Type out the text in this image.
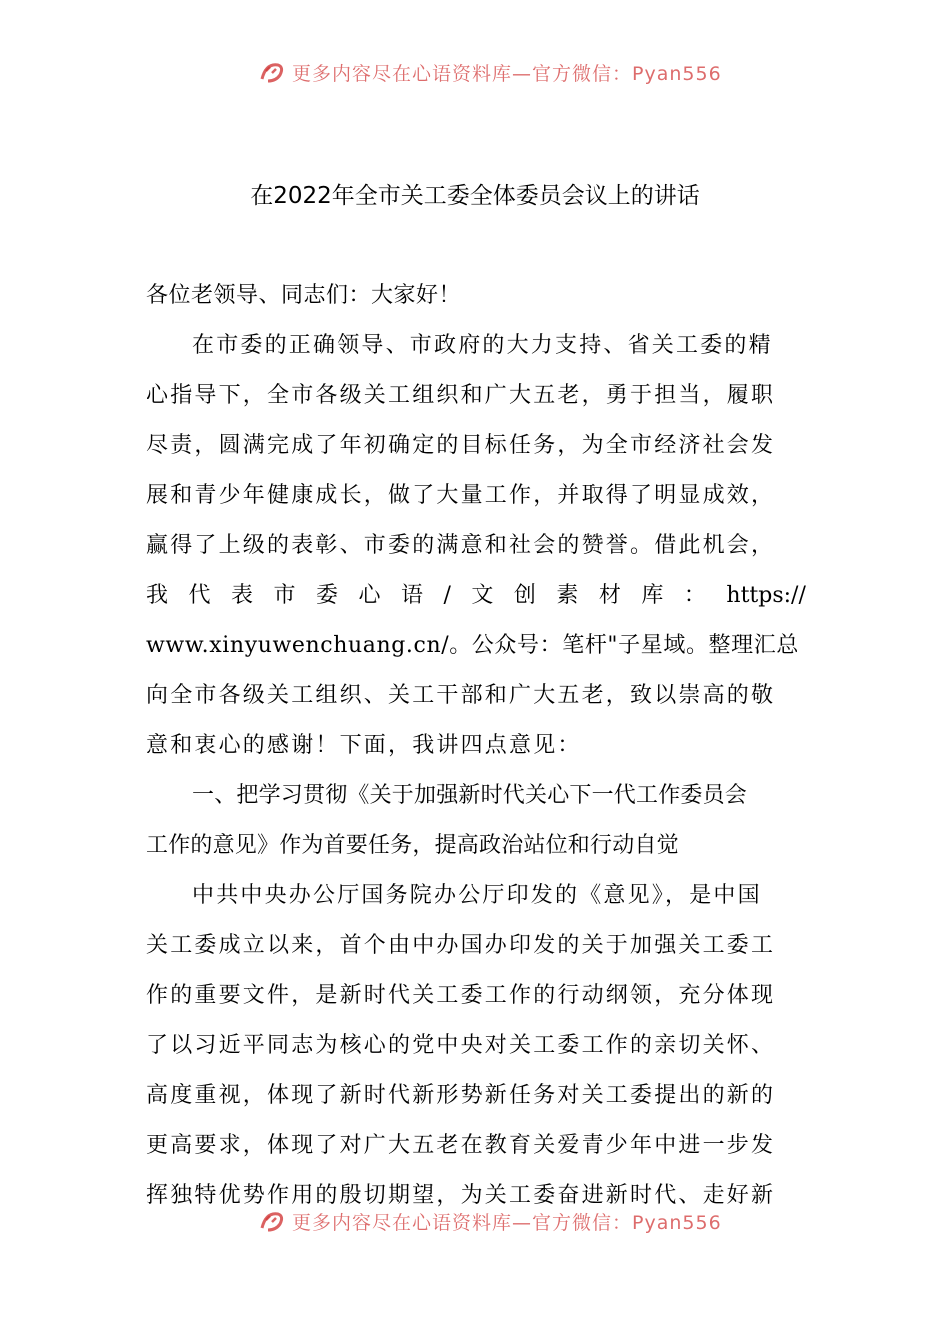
更多内容尽在心语资料库—官方微信：Pyan556
在2022年全市关工委全体委员会议上的讲话
各位老领导、同志们：大家好！
在市委的正确领导、市政府的大力支持、省关工委的精
心指导下，全市各级关工组织和广大五老，勇于担当，履职
尽责，圆满完成了年初确定的目标任务，为全市经济社会发
展和青少年健康成长，做了大量工作，并取得了明显成效，
赢得了上级的表彰、市委的满意和社会的赞誉。借此机会，
我 代 表 市 委 心 语 / 文 创 素 材 库 ： https://
www.xinyuwenchuang.cn/。公众号：笔杆"子星域。整理汇总
向全市各级关工组织、关工干部和广大五老，致以崇高的敬
意和衷心的感谢！下面，我讲四点意见：
一、把学习贯彻《关于加强新时代关心下一代工作委员会
工作的意见》作为首要任务，提高政治站位和行动自觉
中共中央办公厅国务院办公厅印发的《意见》，是中国
关工委成立以来，首个由中办国办印发的关于加强关工委工
作的重要文件，是新时代关工委工作的行动纲领，充分体现
了以习近平同志为核心的党中央对关工委工作的亲切关怀、
高度重视，体现了新时代新形势新任务对关工委提出的新的
更高要求，体现了对广大五老在教育关爱青少年中进一步发
挥独特优势作用的殷切期望，为关工委奋进新时代、走好新
更多内容尽在心语资料库—官方微信：Pyan556
